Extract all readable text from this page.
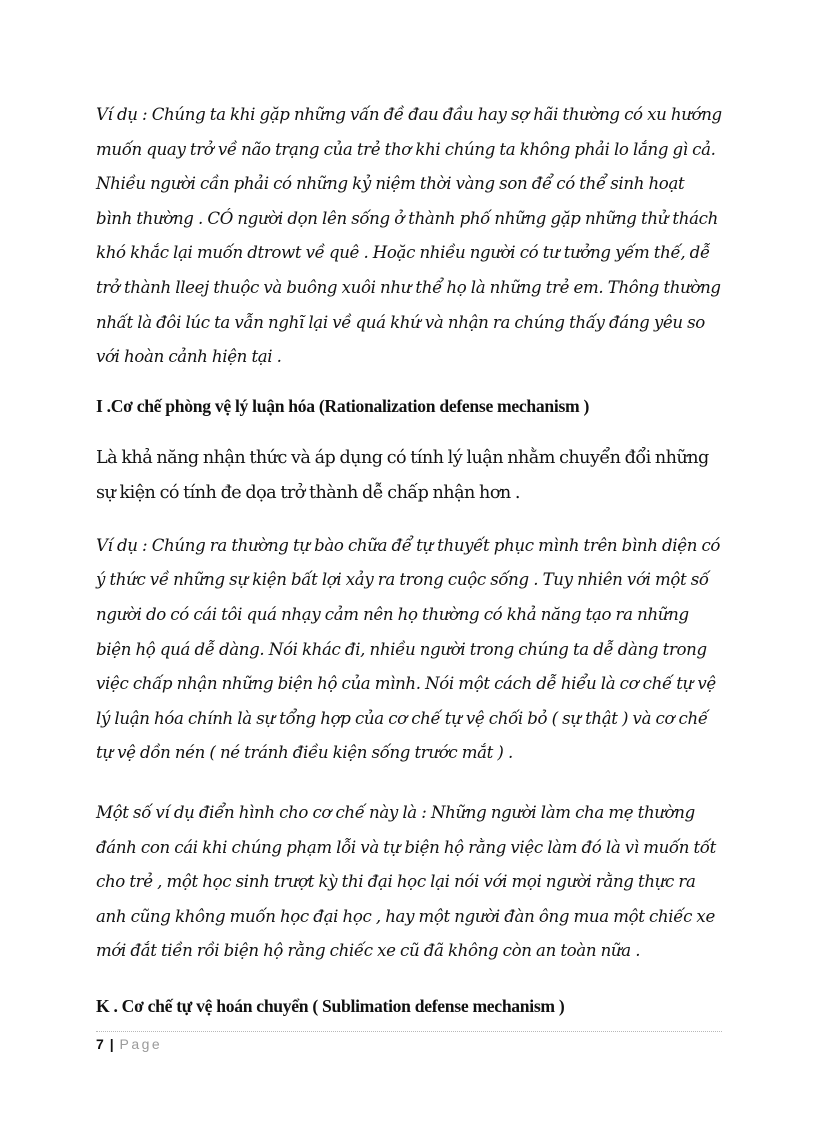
Ví dụ : Chúng ta khi gặp những vấn đề đau đầu hay sợ hãi thường có xu hướng muốn quay trở về não trạng của trẻ thơ khi chúng ta không phải lo lắng gì cả. Nhiều người cần phải có những kỷ niệm thời vàng son để có thể sinh hoạt bình thường . CÓ người dọn lên sống ở thành phố những gặp những thử thách khó khắc lại muốn dtrowt về quê . Hoặc nhiều người có tư tưởng yếm thế, dễ trở thành lleej thuộc và buông xuôi như thể họ là những trẻ em. Thông thường nhất là đôi lúc ta vẫn nghĩ lại về quá khứ và nhận ra chúng thấy đáng yêu so với hoàn cảnh hiện tại .

I .Cơ chế phòng vệ lý luận hóa (Rationalization defense mechanism )

Là khả năng nhận thức và áp dụng có tính lý luận nhằm chuyển đổi những sự kiện có tính đe dọa trở thành dễ chấp nhận hơn .

Ví dụ : Chúng ra thường tự bào chữa để tự thuyết phục mình trên bình diện có ý thức về những sự kiện bất lợi xảy ra trong cuộc sống . Tuy nhiên với một số người do có cái tôi quá nhạy cảm nên họ thường có khả năng tạo ra những biện hộ quá dễ dàng. Nói khác đi, nhiều người trong chúng ta dễ dàng trong việc chấp nhận những biện hộ của mình. Nói một cách dễ hiểu là cơ chế tự vệ lý luận hóa chính là sự tổng hợp của cơ chế tự vệ chối bỏ ( sự thật ) và cơ chế tự vệ dồn nén ( né tránh điều kiện sống trước mắt ) .

Một số ví dụ điển hình cho cơ chế này là : Những người làm cha mẹ thường đánh con cái khi chúng phạm lỗi và tự biện hộ rằng việc làm đó là vì muốn tốt cho trẻ , một học sinh trượt kỳ thi đại học lại nói với mọi người rằng thực ra anh cũng không muốn học đại học , hay một người đàn ông mua một chiếc xe mới đắt tiền rồi biện hộ rằng chiếc xe cũ đã không còn an toàn nữa .

K . Cơ chế tự vệ hoán chuyển ( Sublimation defense mechanism )

7 | Page
